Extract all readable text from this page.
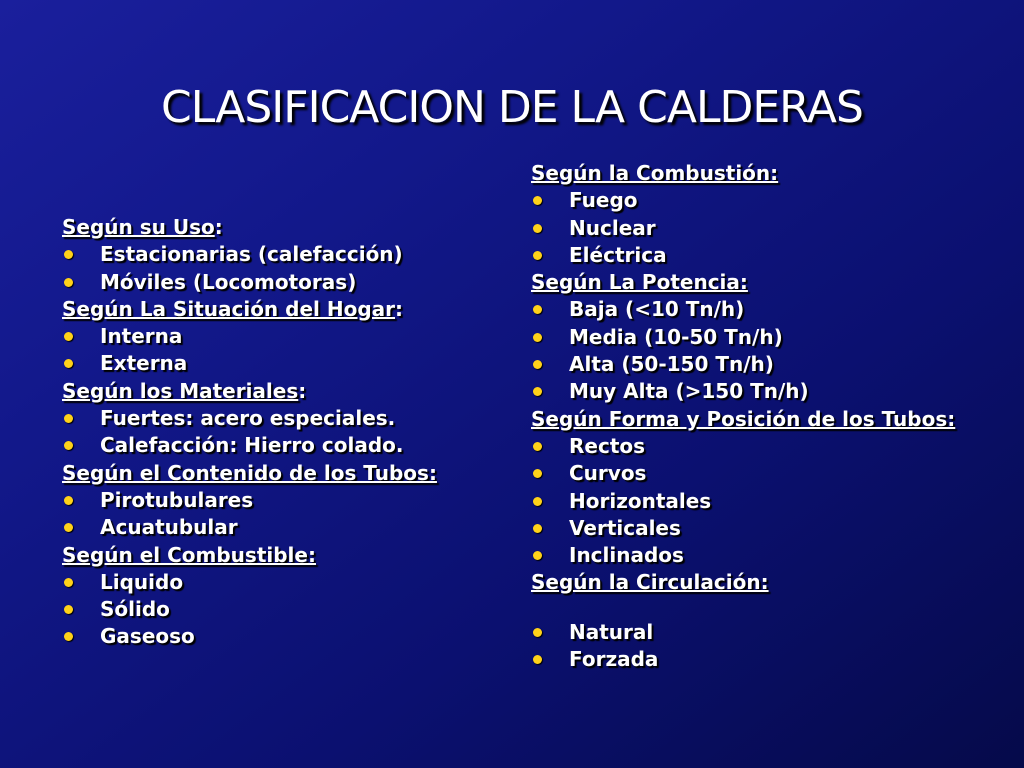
CLASIFICACION DE LA CALDERAS
Según su Uso:
Estacionarias (calefacción)
Móviles (Locomotoras)
Según La Situación del Hogar:
Interna
Externa
Según los Materiales:
Fuertes: acero especiales.
Calefacción: Hierro colado.
Según el Contenido de los Tubos:
Pirotubulares
Acuatubular
Según el Combustible:
Liquido
Sólido
Gaseoso
Según la Combustión:
Fuego
Nuclear
Eléctrica
Según La Potencia:
Baja (<10 Tn/h)
Media (10-50 Tn/h)
Alta (50-150 Tn/h)
Muy Alta (>150 Tn/h)
Según Forma y Posición de los Tubos:
Rectos
Curvos
Horizontales
Verticales
Inclinados
Según la Circulación:
Natural
Forzada
